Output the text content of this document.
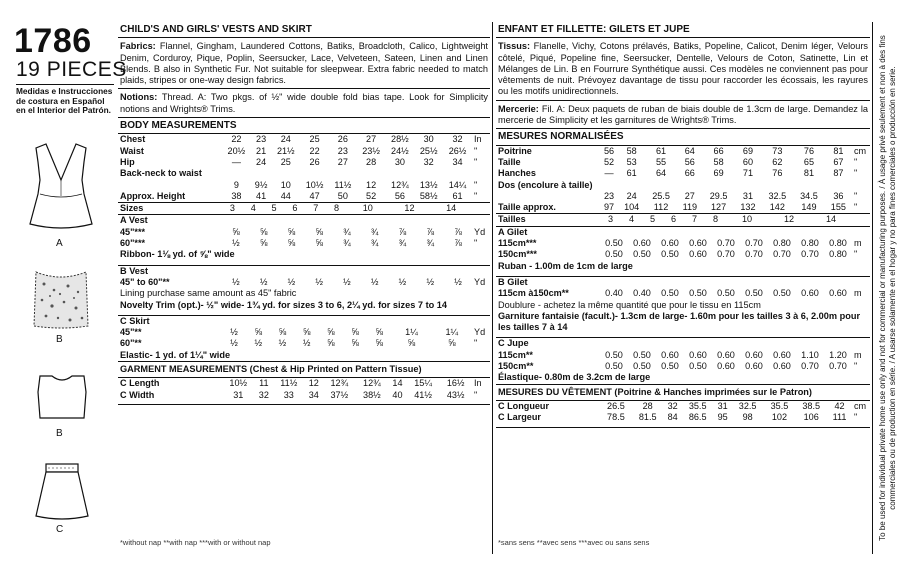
1786
19 PIECES
Medidas e Instrucciones de costura en Español en el Interior del Patrón.
A
B
B
C
CHILD'S AND GIRLS' VESTS AND SKIRT
Fabrics: Flannel, Gingham, Laundered Cottons, Batiks, Broadcloth, Calico, Lightweight Denim, Corduroy, Pique, Poplin, Seersucker, Lace, Velveteen, Sateen, Linen and Linen Blends. B also in Synthetic Fur. Not suitable for sleepwear. Extra fabric needed to match plaids, stripes or one-way design fabrics.
Notions: Thread. A: Two pkgs. of ½" wide double fold bias tape. Look for Simplicity notions and Wrights® Trims.
BODY MEASUREMENTS
Chest	22	23	24	25	26	27	28½	30	32	In
Waist	20½	21	21½	22	23	23½	24½	25½	26½	"
Hip	—	24	25	26	27	28	30	32	34	"
Back-neck to waist										
	9	9½	10	10½	11½	12	12¾	13½	14¼	"
Approx. Height	38	41	44	47	50	52	56	58½	61	"
Sizes	3	4	5	6	7	8	10	12	14	
A Vest
45"***	⅝	⅝	⅝	⅝	¾	¾	⅞	⅞	⅞	Yd
60"***	½	⅝	⅝	⅝	¾	¾	¾	¾	⅞	"
Ribbon- 1⅛ yd. of ⅝" wide
B Vest
45" to 60"**	½	½	½	½	½	½	½	½	½	Yd
Lining purchase same amount as 45" fabric
Novelty Trim (opt.)- ½" wide- 1¾ yd. for sizes 3 to 6, 2¼ yd. for sizes 7 to 14
C Skirt
45"**	½	⅝	⅝	⅝	⅝	⅝	⅝	1¼	1¼	Yd
60"**	½	½	½	½	⅝	⅝	⅝	⅝	⅝	"
Elastic- 1 yd. of 1¼" wide
GARMENT MEASUREMENTS (Chest & Hip Printed on Pattern Tissue)
C Length	10½	11	11½	12	12¾	12¾	14	15¼	16½	In
C Width	31	32	33	34	37½	38½	40	41½	43½	"
ENFANT ET FILLETTE: GILETS ET JUPE
Tissus: Flanelle, Vichy, Cotons prélavés, Batiks, Popeline, Calicot, Denim léger, Velours côtelé, Piqué, Popeline fine, Seersucker, Dentelle, Velours de Coton, Satinette, Lin et Mélanges de Lin. B en Fourrure Synthétique aussi. Ces modèles ne conviennent pas pour vêtements de nuit. Prévoyez davantage de tissu pour raccorder les écossais, les rayures ou les motifs unidirectionnels.
Mercerie: Fil. A: Deux paquets de ruban de biais double de 1.3cm de large. Demandez la mercerie de Simplicity et les garnitures de Wrights® Trims.
MESURES NORMALISÉES
Poitrine	56	58	61	64	66	69	73	76	81	cm
Taille	52	53	55	56	58	60	62	65	67	"
Hanches	—	61	64	66	69	71	76	81	87	"
Dos (encolure à taille)										
	23	24	25.5	27	29.5	31	32.5	34.5	36	"
Taille approx.	97	104	112	119	127	132	142	149	155	"
Tailles	3	4	5	6	7	8	10	12	14	
A Gilet
115cm***	0.50	0.60	0.60	0.60	0.70	0.70	0.80	0.80	0.80	m
150cm***	0.50	0.50	0.50	0.60	0.70	0.70	0.70	0.70	0.80	"
Ruban - 1.00m de 1cm de large
B Gilet
115cm à150cm**	0.40	0.40	0.50	0.50	0.50	0.50	0.50	0.60	0.60	m
Doublure - achetez la même quantité que pour le tissu en 115cm
Garniture fantaisie (facult.)- 1.3cm de large- 1.60m pour les tailles 3 à 6, 2.00m pour les tailles 7 à 14
C Jupe
115cm**	0.50	0.50	0.60	0.60	0.60	0.60	0.60	1.10	1.20	m
150cm**	0.50	0.50	0.50	0.50	0.60	0.60	0.60	0.70	0.70	"
Élastique- 0.80m de 3.2cm de large
MESURES DU VÊTEMENT (Poitrine & Hanches imprimées sur le Patron)
C Longueur	26.5	28	32	35.5	31	32.5	35.5	38.5	42	cm
C Largeur	78.5	81.5	84	86.5	95	98	102	106	111	"
*without nap **with nap ***with or without nap	*sans sens **avec sens ***avec ou sans sens
To be used for individual private home use only and not for commercial or manufacturing purposes. / À usage privé seulement et non à des fins commerciales ou de production en série. / A usarse solamente en el hogar y no para fines comerciales o producción en serie.
